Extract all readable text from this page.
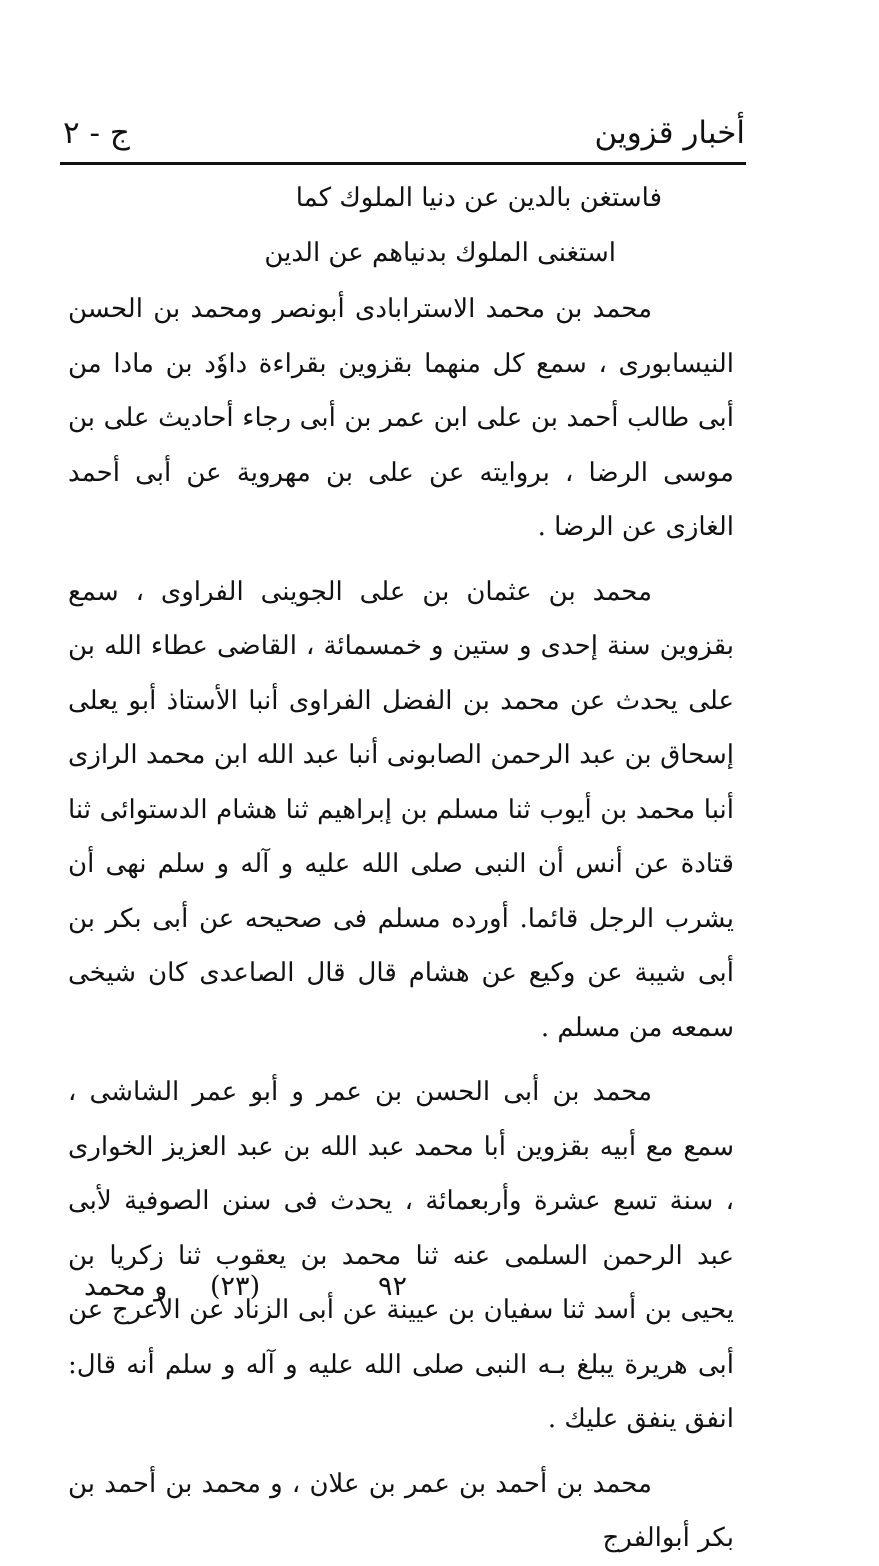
أخبار قزوين
ج - ٢

فاستغن بالدين عن دنيا الملوك كما

استغنى الملوك بدنياهم عن الدين

محمد بن محمد الاسترابادى أبونصر ومحمد بن الحسن النيسابورى ، سمع كل منهما بقزوين بقراءة داوٗد بن مادا من أبى طالب أحمد بن على ابن عمر بن أبى رجاء أحاديث على بن موسى الرضا ، بروايته عن على بن مهروية عن أبى أحمد الغازى عن الرضا .

محمد بن عثمان بن على الجوينى الفراوى ، سمع بقزوين سنة إحدى و ستين و خمسمائة ، القاضى عطاء الله بن على يحدث عن محمد بن الفضل الفراوى أنبا الأستاذ أبو يعلى إسحاق بن عبد الرحمن الصابونى أنبا عبد الله ابن محمد الرازى أنبا محمد بن أيوب ثنا مسلم بن إبراهيم ثنا هشام الدستوائى ثنا قتادة عن أنس أن النبى صلى الله عليه و آله و سلم نهى أن يشرب الرجل قائما. أورده مسلم فى صحيحه عن أبى بكر بن أبى شيبة عن وكيع عن هشام قال قال الصاعدى كان شيخى سمعه من مسلم .

محمد بن أبى الحسن بن عمر و أبو عمر الشاشى ، سمع مع أبيه بقزوين أبا محمد عبد الله بن عبد العزيز الخوارى ، سنة تسع عشرة وأربعمائة ، يحدث فى سنن الصوفية لأبى عبد الرحمن السلمى عنه ثنا محمد بن يعقوب ثنا زكريا بن يحيى بن أسد ثنا سفيان بن عيينة عن أبى الزناد عن الأعرج عن أبى هريرة يبلغ بـه النبى صلى الله عليه و آله و سلم أنه قال: انفق ينفق عليك .

محمد بن أحمد بن عمر بن علان ، و محمد بن أحمد بن بكر أبوالفرج

و محمد (٢٣)	٩٢
